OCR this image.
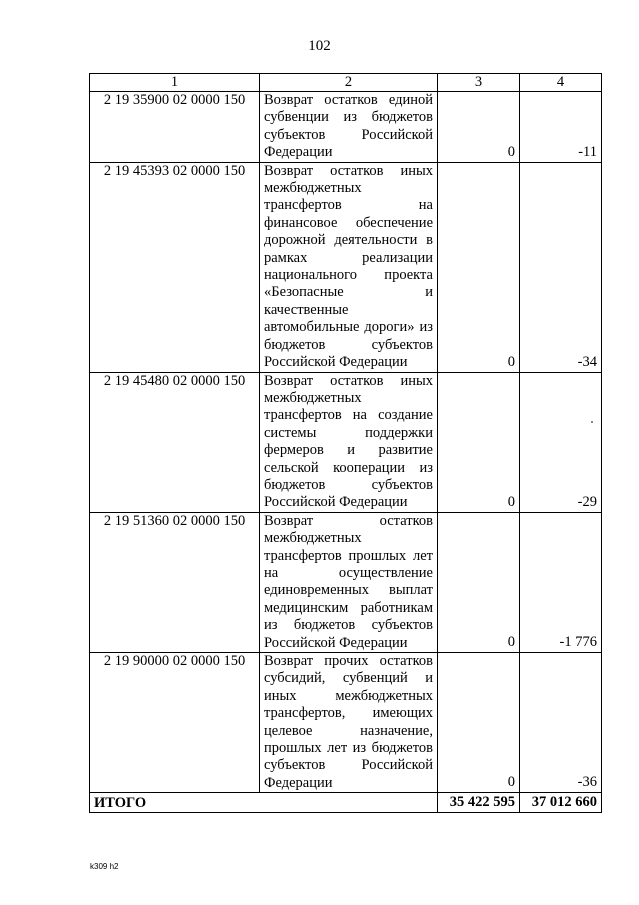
102
1	2	3	4
2 19 35900 02 0000 150	Возврат остатков единой субвенции из бюджетов субъектов Российской Федерации	0	-11
2 19 45393 02 0000 150	Возврат остатков иных межбюджетных трансфертов на финансовое обеспечение дорожной деятельности в рамках реализации национального проекта «Безопасные и качественные автомобильные дороги» из бюджетов субъектов Российской Федерации	0	-34
2 19 45480 02 0000 150	Возврат остатков иных межбюджетных трансфертов на создание системы поддержки фермеров и развитие сельской кооперации из бюджетов субъектов Российской Федерации	0	-29
2 19 51360 02 0000 150	Возврат остатков межбюджетных трансфертов прошлых лет на осуществление единовременных выплат медицинским работникам из бюджетов субъектов Российской Федерации	0	-1 776
2 19 90000 02 0000 150	Возврат прочих остатков субсидий, субвенций и иных межбюджетных трансфертов, имеющих целевое назначение, прошлых лет из бюджетов субъектов Российской Федерации	0	-36
ИТОГО		35 422 595	37 012 660
k309 h2
